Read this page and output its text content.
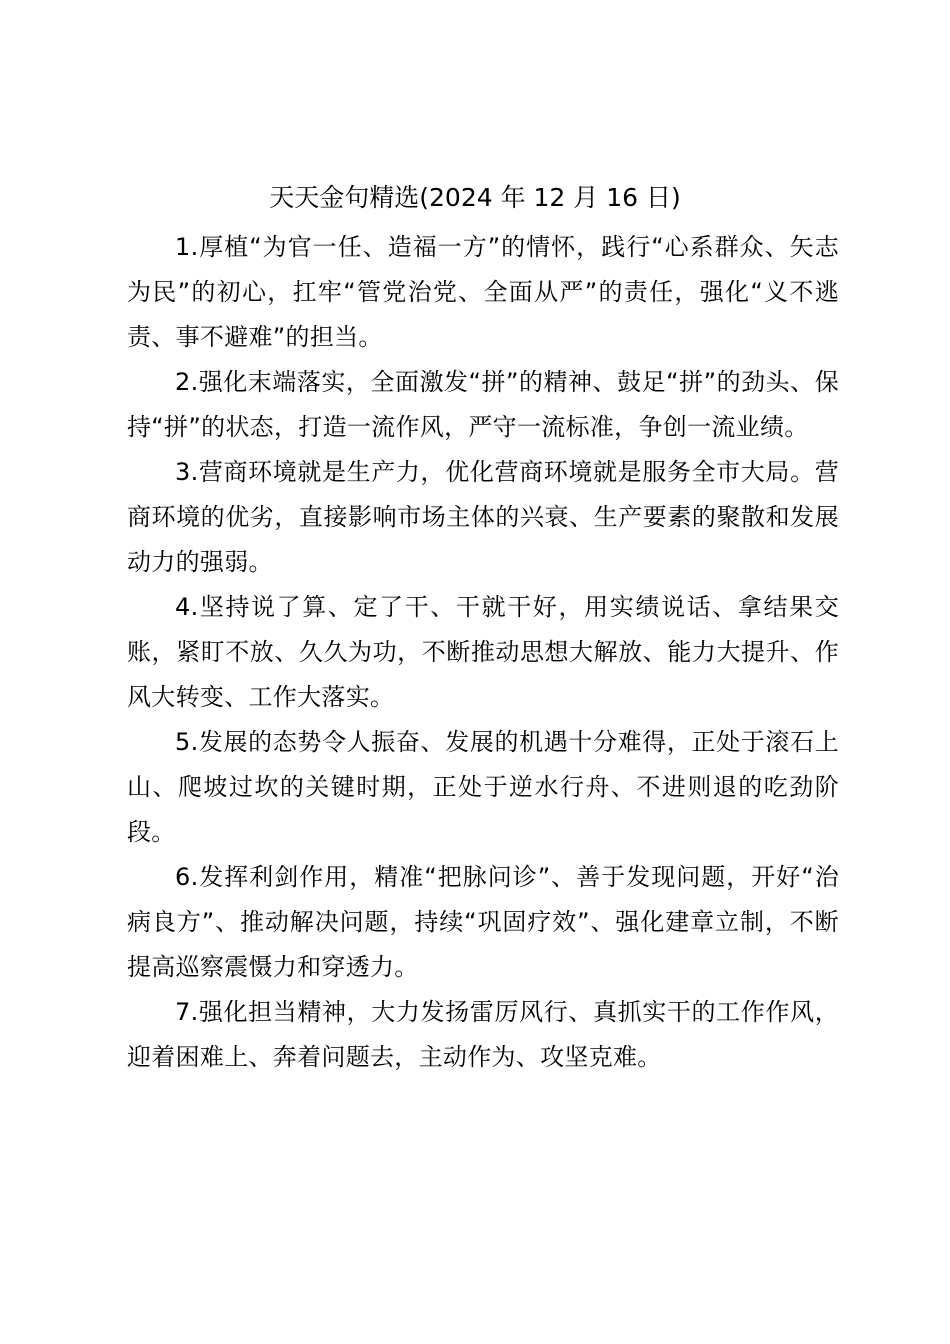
天天金句精选(2024 年 12 月 16 日)

1.厚植“为官一任、造福一方”的情怀，践行“心系群众、矢志为民”的初心，扛牢“管党治党、全面从严”的责任，强化“义不逃责、事不避难”的担当。

2.强化末端落实，全面激发“拼”的精神、鼓足“拼”的劲头、保持“拼”的状态，打造一流作风，严守一流标准，争创一流业绩。

3.营商环境就是生产力，优化营商环境就是服务全市大局。营商环境的优劣，直接影响市场主体的兴衰、生产要素的聚散和发展动力的强弱。

4.坚持说了算、定了干、干就干好，用实绩说话、拿结果交账，紧盯不放、久久为功，不断推动思想大解放、能力大提升、作风大转变、工作大落实。

5.发展的态势令人振奋、发展的机遇十分难得，正处于滚石上山、爬坡过坎的关键时期，正处于逆水行舟、不进则退的吃劲阶段。

6.发挥利剑作用，精准“把脉问诊”、善于发现问题，开好“治病良方”、推动解决问题，持续“巩固疗效”、强化建章立制，不断提高巡察震慑力和穿透力。

7.强化担当精神，大力发扬雷厉风行、真抓实干的工作作风，迎着困难上、奔着问题去，主动作为、攻坚克难。
